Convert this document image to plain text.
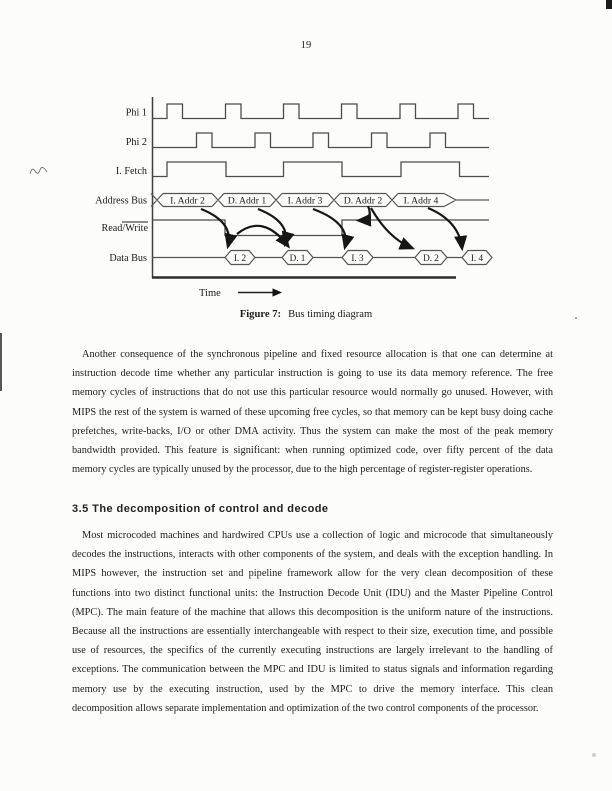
19
Phi 1
Phi 2
I. Fetch
Address Bus
Read/Write
Data Bus
I. Addr 2 D. Addr 1 I. Addr 3 D. Addr 2 I. Addr 4
I. 2	D. 1	I. 3	D. 2	I. 4
Time
Figure 7: Bus timing diagram
Another consequence of the synchronous pipeline and fixed resource allocation is that one can determine at instruction decode time whether any particular instruction is going to use its data memory reference. The free memory cycles of instructions that do not use this particular resource would normally go unused. However, with MIPS the rest of the system is warned of these upcoming free cycles, so that memory can be kept busy doing cache prefetches, write-backs, I/O or other DMA activity. Thus the system can make the most of the peak memory bandwidth provided. This feature is significant: when running optimized code, over fifty percent of the data memory cycles are typically unused by the processor, due to the high percentage of register-register operations.
3.5 The decomposition of control and decode
Most microcoded machines and hardwired CPUs use a collection of logic and microcode that simultaneously decodes the instructions, interacts with other components of the system, and deals with the exception handling. In MIPS however, the instruction set and pipeline framework allow for the very clean decomposition of these functions into two distinct functional units: the Instruction Decode Unit (IDU) and the Master Pipeline Control (MPC). The main feature of the machine that allows this decomposition is the uniform nature of the instructions. Because all the instructions are essentially interchangeable with respect to their size, execution time, and possible use of resources, the specifics of the currently executing instructions are largely irrelevant to the handling of exceptions. The communication between the MPC and IDU is limited to status signals and information regarding memory use by the executing instruction, used by the MPC to drive the memory interface. This clean decomposition allows separate implementation and optimization of the two control components of the processor.
